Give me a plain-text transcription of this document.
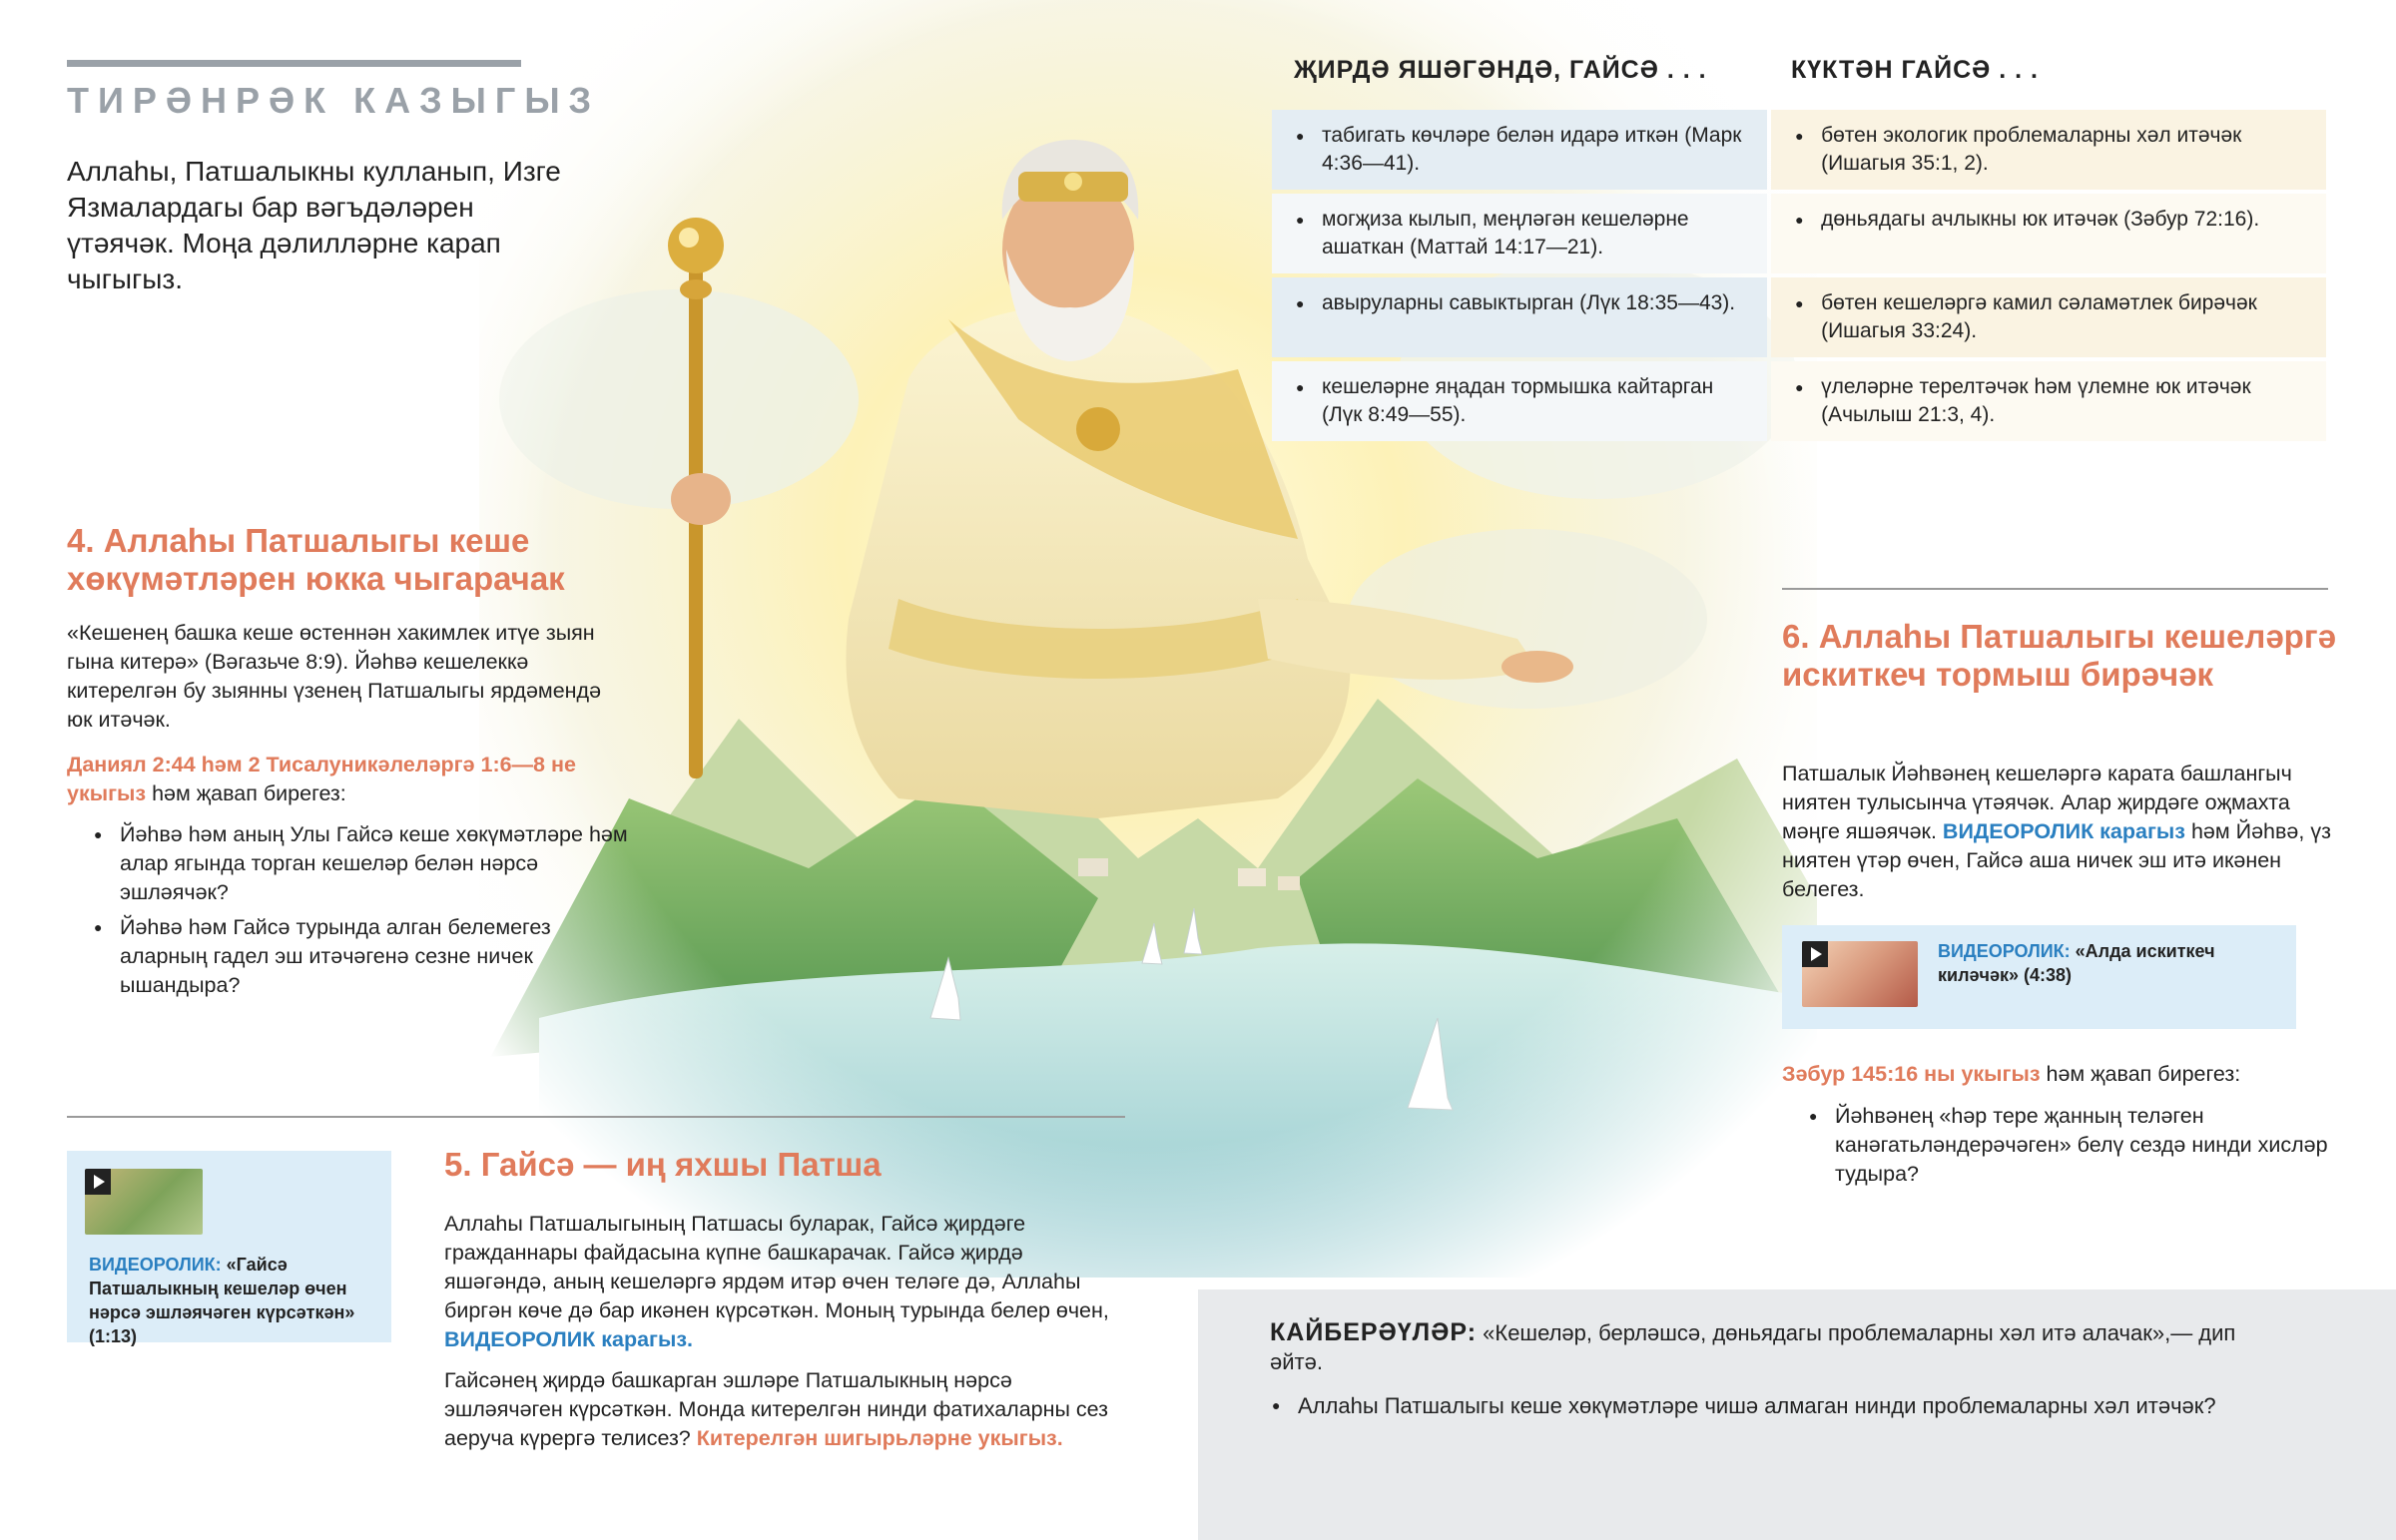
ТИРӘНРӘК КАЗЫГЫЗ
Аллаһы, Патшалыкны кулланып, Изге Язмалардагы бар вәгъдәләрен үтәячәк. Моңа дәлилләрне карап чыгыгыз.
ҖИРДӘ ЯШӘГӘНДӘ, ГАЙСӘ . . .	КҮКТӘН ГАЙСӘ . . .
● табигать көчләре белән идарә иткән (Марк 4:36—41).	● бөтен экологик проблемаларны хәл итәчәк (Ишагыя 35:1, 2).
● могҗиза кылып, меңләгән кешеләрне ашаткан (Маттай 14:17—21).	● дөньядагы ачлыкны юк итәчәк (Зәбур 72:16).
● авыруларны савыктырган (Лүк 18:35—43).	● бөтен кешеләргә камил сәламәтлек бирәчәк (Ишагыя 33:24).
● кешеләрне яңадан тормышка кайтарган (Лүк 8:49—55).	● үлеләрне терелтәчәк һәм үлемне юк итәчәк (Ачылыш 21:3, 4).
4. Аллаһы Патшалыгы кеше хөкүмәтләрен юкка чыгарачак
«Кешенең башка кеше өстеннән хакимлек итүе зыян гына китерә» (Вәгазьче 8:9). Йәһвә кешелеккә китерелгән бу зыянны үзенең Патшалыгы ярдәмендә юк итәчәк.
Даниял 2:44 һәм 2 Тисалуникәлеләргә 1:6—8 не укыгыз һәм җавап бирегез:
● Йәһвә һәм аның Улы Гайсә кеше хөкүмәтләре һәм алар ягында торган кешеләр белән нәрсә эшләячәк?
● Йәһвә һәм Гайсә турында алган белемегез аларның гадел эш итәчәгенә сезне ничек ышандыра?
ВИДЕОРОЛИК: «Гайсә Патшалыкның кешеләр өчен нәрсә эшләячәген күрсәткән» (1:13)
5. Гайсә — иң яхшы Патша
Аллаһы Патшалыгының Патшасы буларак, Гайсә җирдәге гражданнары файдасына күпне башкарачак. Гайсә җирдә яшәгәндә, аның кешеләргә ярдәм итәр өчен теләге дә, Аллаһы биргән көче дә бар икәнен күрсәткән. Моның турында белер өчен, ВИДЕОРОЛИК карагыз.
Гайсәнең җирдә башкарган эшләре Патшалыкның нәрсә эшләячәген күрсәткән. Монда китерелгән нинди фатихаларны сез аеруча күрергә телисез? Китерелгән шигырьләрне укыгыз.
6. Аллаһы Патшалыгы кешеләргә искиткеч тормыш бирәчәк
Патшалык Йәһвәнең кешеләргә карата башлангыч ниятен тулысынча үтәячәк. Алар җирдәге оҗмахта мәңге яшәячәк. ВИДЕОРОЛИК карагыз һәм Йәһвә, үз ниятен үтәр өчен, Гайсә аша ничек эш итә икәнен белегез.
ВИДЕОРОЛИК: «Алда искиткеч киләчәк» (4:38)
Зәбур 145:16 ны укыгыз һәм җавап бирегез:
● Йәһвәнең «һәр тере җанның теләген канәгатьләндерәчәген» белү сездә нинди хисләр тудыра?
КАЙБЕРӘҮЛӘР: «Кешеләр, берләшсә, дөньядагы проблемаларны хәл итә алачак»,— дип әйтә.
● Аллаһы Патшалыгы кеше хөкүмәтләре чишә алмаган нинди проблемаларны хәл итәчәк?
